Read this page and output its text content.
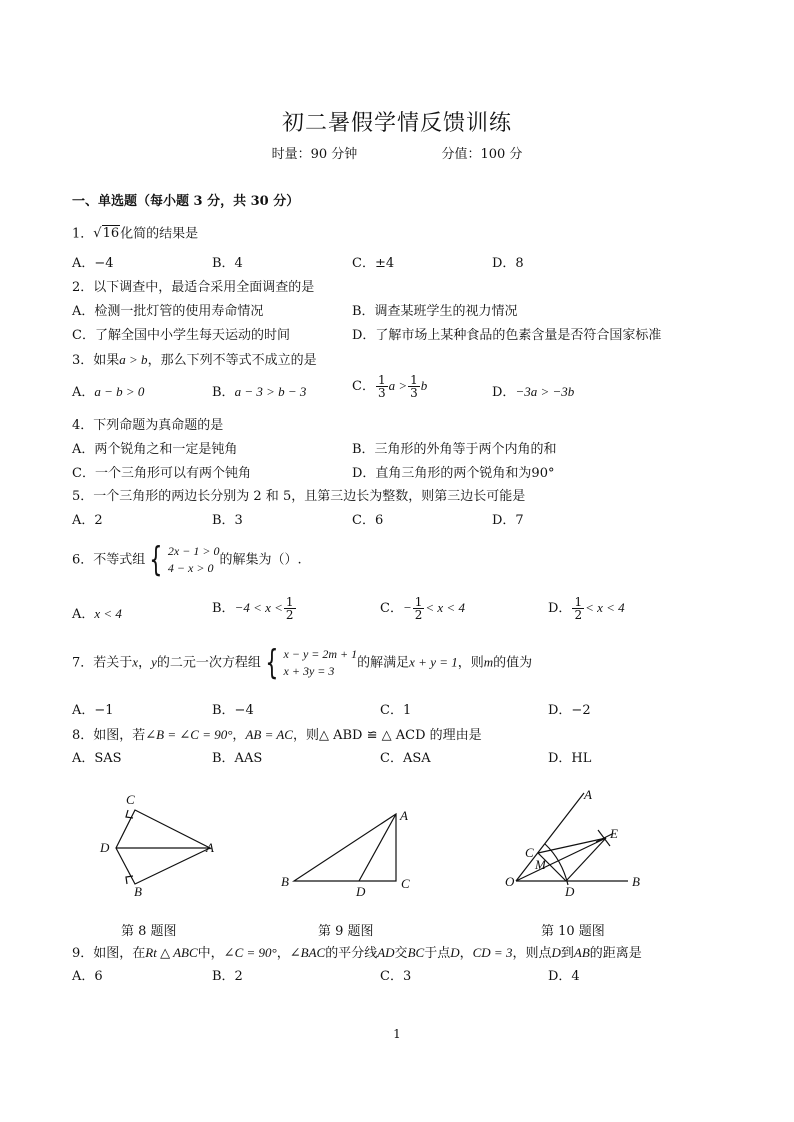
初二暑假学情反馈训练
时量：90 分钟	分值：100 分
一、单选题（每小题 3 分，共 30 分）
1．√16化简的结果是
A．−4	B．4	C．±4	D．8
2．以下调查中，最适合采用全面调查的是
A．检测一批灯管的使用寿命情况	B．调查某班学生的视力情况
C．了解全国中小学生每天运动的时间	D．了解市场上某种食品的色素含量是否符合国家标准
3．如果a > b，那么下列不等式不成立的是
A．a − b > 0	B．a − 3 > b − 3	C． $\frac{1}{3}$ $a > \frac{1}{3}$ b	D．−3a > −3b
4．下列命题为真命题的是
A．两个锐角之和一定是钝角	B．三角形的外角等于两个内角的和
C．一个三角形可以有两个钝角	D．直角三角形的两个锐角和为90°
5．一个三角形的两边长分别为 2 和 5，且第三边长为整数，则第三边长可能是
A．2	B．3	C．6	D．7
6．不等式组 { 2x − 1 > 0
4 − x > 0
的解集为（）.
A．x < 4	B．$-4 < x < \frac{1}{2}$	C．− $\frac{1}{2} < x < 4$	D． $\frac{1}{2} < x < 4$
7．若关于x，y的二元一次方程组 { x − y = 2m + 1
x + 3y = 3
的解满足x + y = 1，则m的值为
A．−1	B．−4	C．1	D．−2
8．如图，若∠B = ∠C = 90°，AB = AC，则△ ABD ≌ △ ACD 的理由是
A．SAS	B．AAS	C．ASA	D．HL
C
D	A
B
A
B
D
C
A
E
C
M
O
D
B
第 8 题图	第 9 题图	第 10 题图
9．如图，在Rt △ ABC中，∠C = 90°，∠BAC的平分线AD交BC于点D，CD = 3，则点D到AB的距离是
A．6	B．2	C．3	D．4
1
